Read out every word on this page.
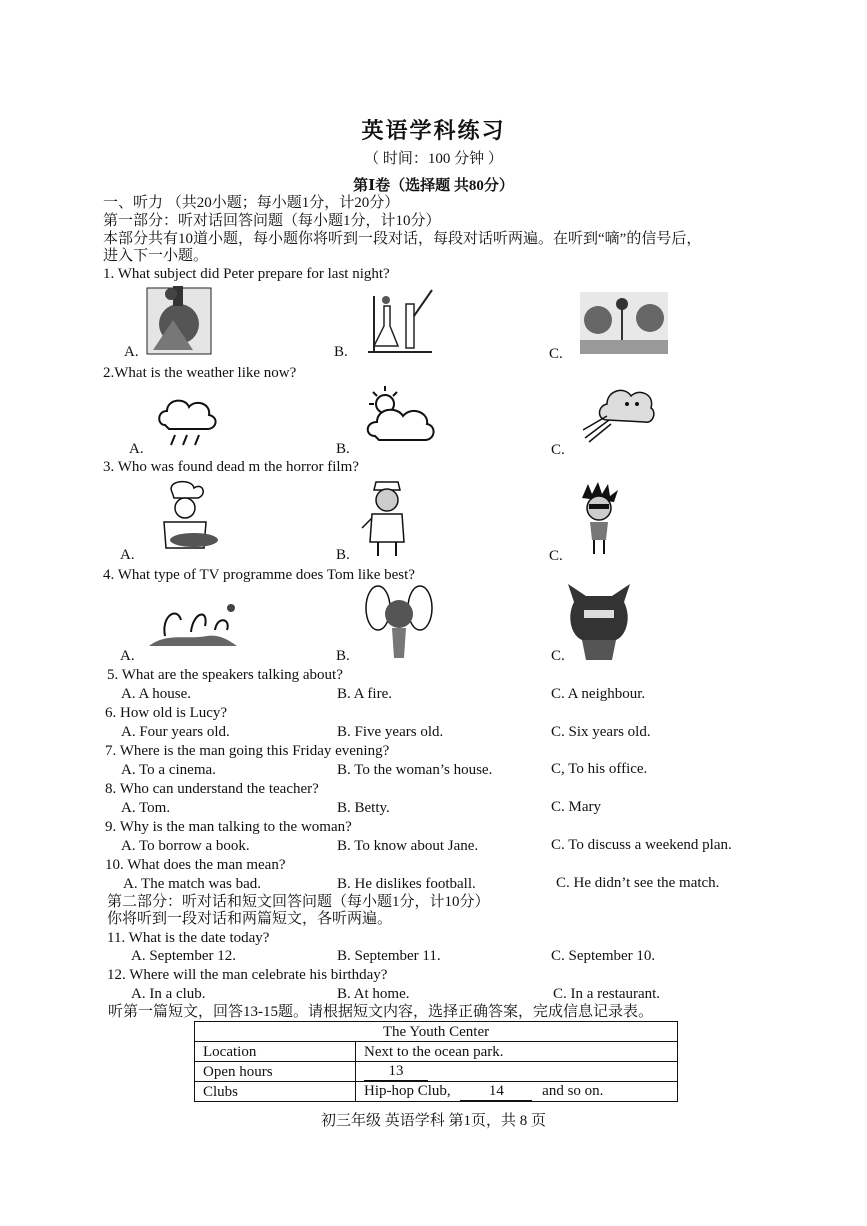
英语学科练习
（ 时间：100 分钟 ）
第Ⅰ卷（选择题 共80分）
一、听力 （共20小题；每小题1分，计20分）
第一部分：听对话回答问题（每小题1分，计10分）
本部分共有10道小题，每小题你将听到一段对话，每段对话听两遍。在听到“嘀”的信号后，
进入下一小题。
1. What subject did Peter prepare for last night?
A.	B.	C.
2.What is the weather like now?
A.	B.	C.
3. Who was found dead m the horror film?
A.	B.	C.
4. What type of TV programme does Tom like best?
A.	B.	C.
5. What are the speakers talking about?
A. A house.	B. A fire.	C. A neighbour.
6. How old is Lucy?
A. Four years old.	B. Five years old.	C. Six years old.
7. Where is the man going this Friday evening?
A. To a cinema.	B. To the woman’s house.	C, To his office.
8. Who can understand the teacher?
A. Tom.	B. Betty.	C. Mary
9. Why is the man talking to the woman?
A. To borrow a book.	B. To know about Jane.	C. To discuss a weekend plan.
10. What does the man mean?
A. The match was bad.	B. He dislikes football.	C. He didn’t see the match.
第二部分：听对话和短文回答问题（每小题1分，计10分）
你将听到一段对话和两篇短文，各听两遍。
11. What is the date today?
A. September 12.	B. September 11.	C. September 10.
12. Where will the man celebrate his birthday?
A. In a club.	B. At home.	C. In a restaurant.
听第一篇短文，回答13-15题。请根据短文内容，选择正确答案，完成信息记录表。
The Youth Center	
Location	Next to the ocean park.
Open hours	13
Clubs	Hip-hop Club, 14 and so on.
初三年级 英语学科 第1页，共 8 页
